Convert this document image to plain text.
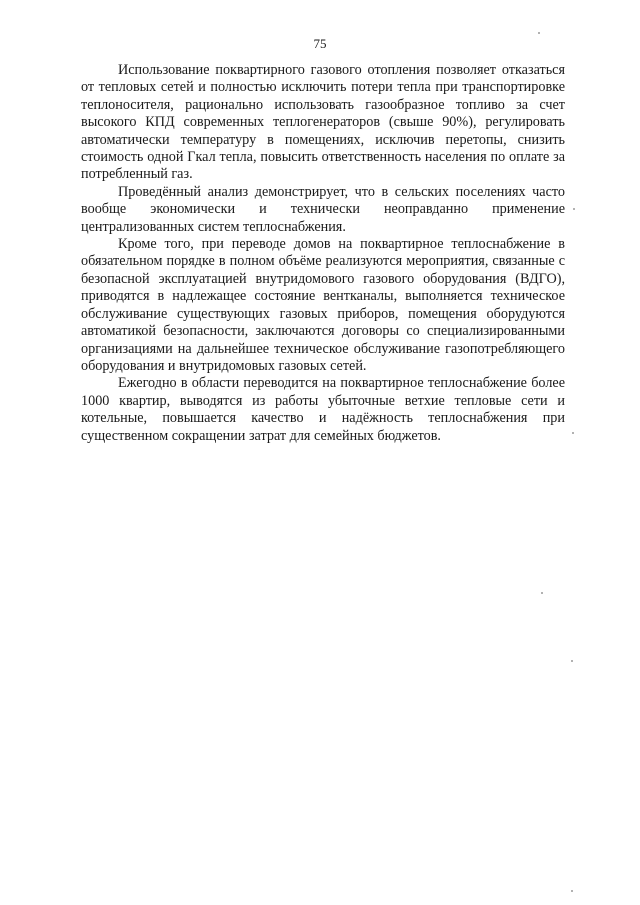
75

Использование поквартирного газового отопления позволяет отказаться от тепловых сетей и полностью исключить потери тепла при транспортировке теплоносителя, рационально использовать газообразное топливо за счет высокого КПД современных теплогенераторов (свыше 90%), регулировать автоматически температуру в помещениях, исключив перетопы, снизить стоимость одной Гкал тепла, повысить ответственность населения по оплате за потребленный газ.

Проведённый анализ демонстрирует, что в сельских поселениях часто вообще экономически и технически неоправданно применение централизованных систем теплоснабжения.

Кроме того, при переводе домов на поквартирное теплоснабжение в обязательном порядке в полном объёме реализуются мероприятия, связанные с безопасной эксплуатацией внутридомового газового оборудования (ВДГО), приводятся в надлежащее состояние вентканалы, выполняется техническое обслуживание существующих газовых приборов, помещения оборудуются автоматикой безопасности, заключаются договоры со специализированными организациями на дальнейшее техническое обслуживание газопотребляющего оборудования и внутридомовых газовых сетей.

Ежегодно в области переводится на поквартирное теплоснабжение более 1000 квартир, выводятся из работы убыточные ветхие тепловые сети и котельные, повышается качество и надёжность теплоснабжения при существенном сокращении затрат для семейных бюджетов.
